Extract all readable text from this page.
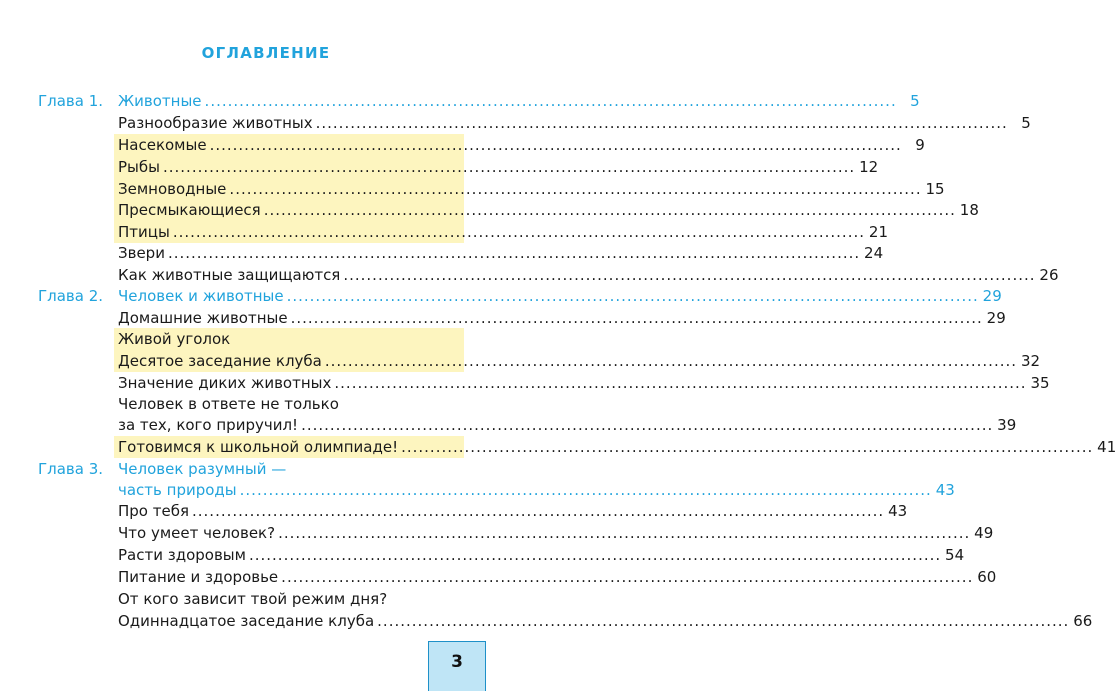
ОГЛАВЛЕНИЕ
Глава 1.
Глава 2.
Глава 3.
Животные ........................................................................................................................ 5
Разнообразие животных ........................................................................................................................ 5
Насекомые ........................................................................................................................ 9
Рыбы ........................................................................................................................ 12
Земноводные ........................................................................................................................ 15
Пресмыкающиеся ........................................................................................................................ 18
Птицы ........................................................................................................................ 21
Звери ........................................................................................................................ 24
Как животные защищаются ........................................................................................................................ 26
Человек и животные ........................................................................................................................ 29
Домашние животные ........................................................................................................................ 29
Живой уголок
Десятое заседание клуба ........................................................................................................................ 32
Значение диких животных ........................................................................................................................ 35
Человек в ответе не только
за тех, кого приручил! ........................................................................................................................ 39
Готовимся к школьной олимпиаде! ........................................................................................................................ 41
Человек разумный —
часть природы ........................................................................................................................ 43
Про тебя ........................................................................................................................ 43
Что умеет человек? ........................................................................................................................ 49
Расти здоровым ........................................................................................................................ 54
Питание и здоровье ........................................................................................................................ 60
От кого зависит твой режим дня?
Одиннадцатое заседание клуба ........................................................................................................................ 66
3
